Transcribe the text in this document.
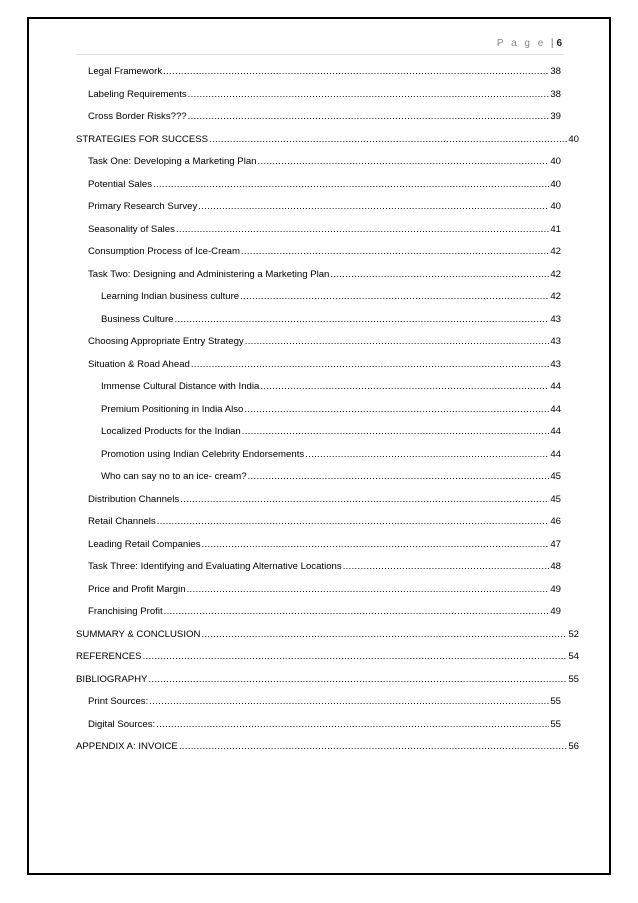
P a g e | 6
Legal Framework .....	38
Labeling Requirements .....	38
Cross Border Risks??? .....	39
STRATEGIES FOR SUCCESS .....	40
Task One: Developing a Marketing Plan .....	40
Potential Sales .....	40
Primary Research Survey .....	40
Seasonality of Sales .....	41
Consumption Process of Ice-Cream .....	42
Task Two: Designing and Administering a Marketing Plan .....	42
Learning Indian business culture .....	42
Business Culture .....	43
Choosing Appropriate Entry Strategy .....	43
Situation & Road Ahead .....	43
Immense Cultural Distance with India .....	44
Premium Positioning in India Also .....	44
Localized Products for the Indian .....	44
Promotion using Indian Celebrity Endorsements .....	44
Who can say no to an ice- cream? .....	45
Distribution Channels .....	45
Retail Channels .....	46
Leading Retail Companies .....	47
Task Three: Identifying and Evaluating Alternative Locations .....	48
Price and Profit Margin .....	49
Franchising Profit .....	49
SUMMARY & CONCLUSION .....	52
REFERENCES .....	54
BIBLIOGRAPHY .....	55
Print Sources: .....	55
Digital Sources: .....	55
APPENDIX A: INVOICE .....	56
